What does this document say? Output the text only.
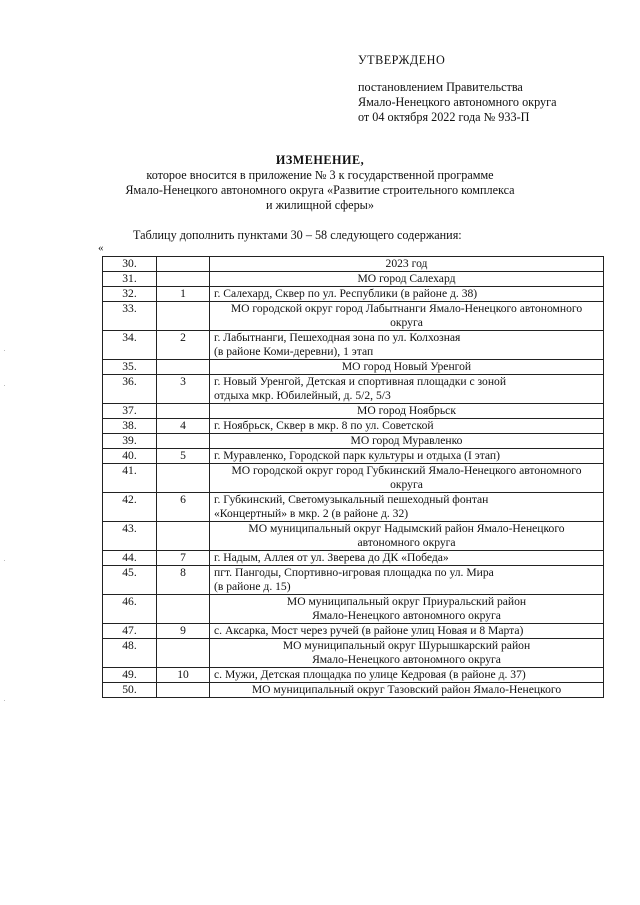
УТВЕРЖДЕНО
постановлением Правительства
Ямало-Ненецкого автономного округа
от 04 октября 2022 года № 933-П
ИЗМЕНЕНИЕ,
которое вносится в приложение № 3 к государственной программе
Ямало-Ненецкого автономного округа «Развитие строительного комплекса
и жилищной сферы»
Таблицу дополнить пунктами 30 – 58 следующего содержания:
«
30.		2023 год
31.		МО город Салехард
32.	1	г. Салехард, Сквер по ул. Республики (в районе д. 38)
33.		МО городской округ город Лабытнанги Ямало-Ненецкого автономного округа
34.	2	г. Лабытнанги, Пешеходная зона по ул. Колхозная
(в районе Коми-деревни), 1 этап
35.		МО город Новый Уренгой
36.	3	г. Новый Уренгой, Детская и спортивная площадки с зоной
отдыха мкр. Юбилейный, д. 5/2, 5/3
37.		МО город Ноябрьск
38.	4	г. Ноябрьск, Сквер в мкр. 8 по ул. Советской
39.		МО город Муравленко
40.	5	г. Муравленко, Городской парк культуры и отдыха (I этап)
41.		МО городской округ город Губкинский Ямало-Ненецкого автономного округа
42.	6	г. Губкинский, Светомузыкальный пешеходный фонтан
«Концертный» в мкр. 2 (в районе д. 32)
43.		МО муниципальный округ Надымский район Ямало-Ненецкого автономного округа
44.	7	г. Надым, Аллея от ул. Зверева до ДК «Победа»
45.	8	пгт. Пангоды, Спортивно-игровая площадка по ул. Мира
(в районе д. 15)
46.		МО муниципальный округ Приуральский район
Ямало-Ненецкого автономного округа
47.	9	с. Аксарка, Мост через ручей (в районе улиц Новая и 8 Марта)
48.		МО муниципальный округ Шурышкарский район
Ямало-Ненецкого автономного округа
49.	10	с. Мужи, Детская площадка по улице Кедровая (в районе д. 37)
50.		МО муниципальный округ Тазовский район Ямало-Ненецкого
